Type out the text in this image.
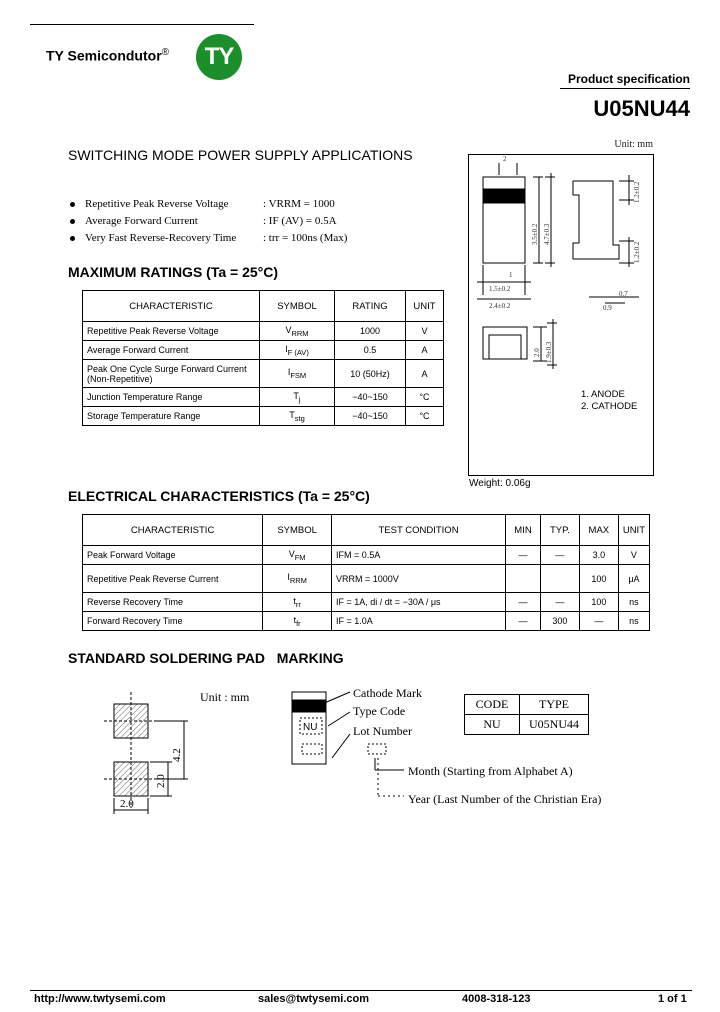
TY Semicondutor®	TY
Product specification
U05NU44
SWITCHING MODE POWER SUPPLY APPLICATIONS
Repetitive Peak Reverse Voltage	: VRRM = 1000
Average Forward Current	: IF (AV) = 0.5A
Very Fast Reverse-Recovery Time : trr = 100ns (Max)
MAXIMUM RATINGS (Ta = 25°C)
CHARACTERISTIC	SYMBOL	RATING	UNIT
Repetitive Peak Reverse Voltage	$V_{RRM}$	1000	V
Average Forward Current	$I_{F (AV)}$	0.5	A
Peak One Cycle Surge Forward Current (Non-Repetitive)	$I_{FSM}$	10 (50Hz)	A
Junction Temperature Range	$T_j$	−40~150	°C
Storage Temperature Range	$T_{stg}$	−40~150	°C
Unit: mm
2
1
1.5±0.2
2.4±0.2
0.7
0.9
3.5±0.2 4.7±0.3
1.2±0.2
1.2±0.2
2.0 1.9±0.3
1. ANODE
2. CATHODE
Weight: 0.06g
ELECTRICAL CHARACTERISTICS (Ta = 25°C)
CHARACTERISTIC	SYMBOL	TEST CONDITION	MIN	TYP.	MAX	UNIT
Peak Forward Voltage	$V_{FM}$	IFM = 0.5A	—	—	3.0	V
Repetitive Peak Reverse Current	$I_{RRM}$	VRRM = 1000V			100	μA
Reverse Recovery Time	$t_{rr}$	IF = 1A, di / dt = −30A / μs	—	—	100	ns
Forward Recovery Time	$t_{fr}$	IF = 1.0A	—	300	—	ns
STANDARD SOLDERING PAD   MARKING
Unit : mm
4.2
2.0
2.0
NU
Cathode Mark
Type Code
Lot Number
Month (Starting from Alphabet A)
Year (Last Number of the Christian Era)
CODE	TYPE
NU	U05NU44
http://www.twtysemi.com	sales@twtysemi.com	4008-318-123	1 of 1
